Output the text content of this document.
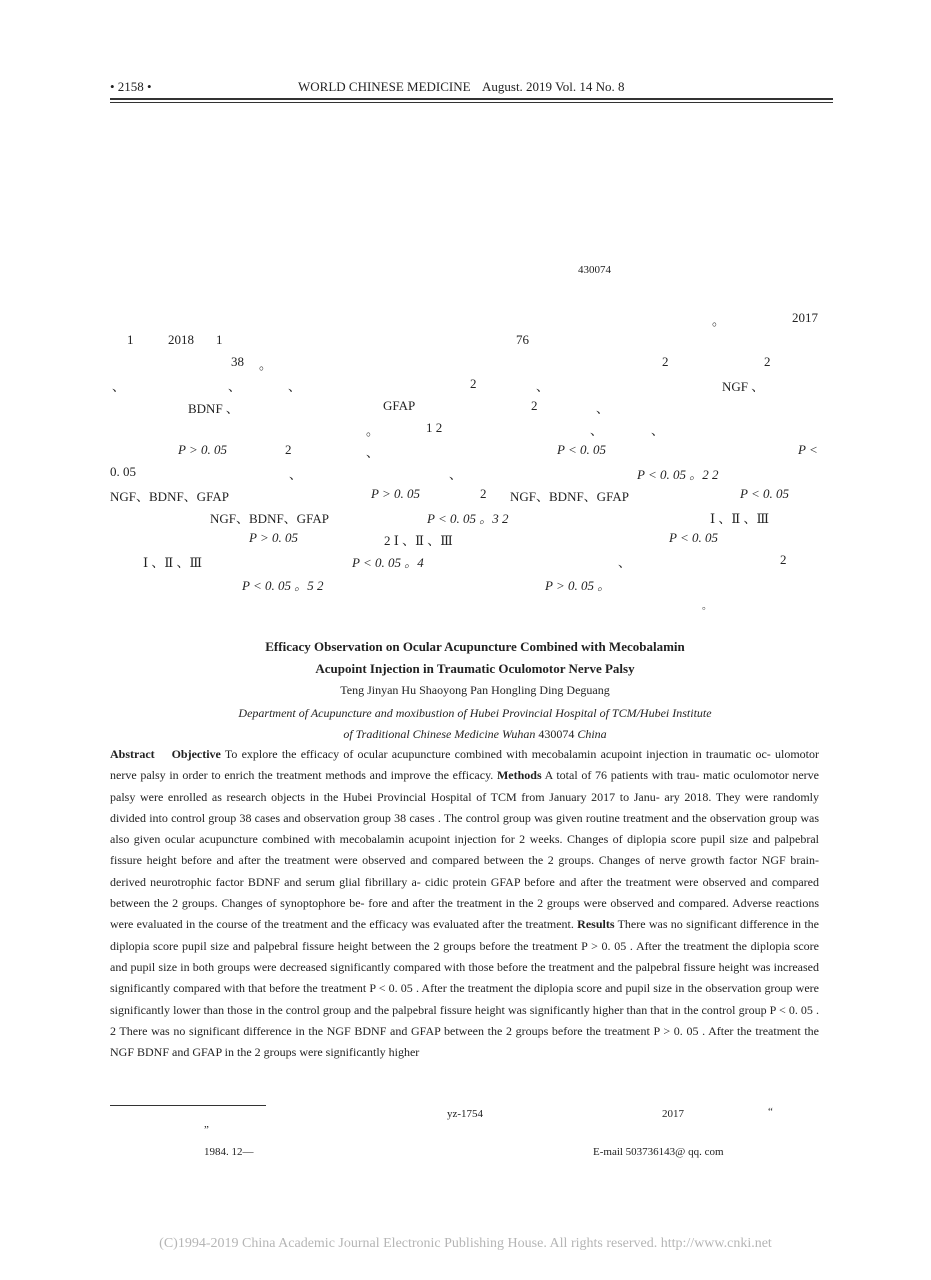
• 2158 •	WORLD CHINESE MEDICINE August. 2019 Vol. 14 No. 8
430074
。	2017
1	2018 1	76
38 。	2	2
、	、	、	2	、	NGF 、
BDNF 、	GFAP	2	、
。	1 2	、	、
P > 0. 05	2	、	P < 0. 05	P <
0. 05	、	、	P < 0. 05 。2 2
NGF、BDNF、GFAP	P > 0. 05	2 NGF、BDNF、GFAP	P < 0. 05
NGF、BDNF、GFAP	P < 0. 05 。3 2	Ⅰ 、Ⅱ 、Ⅲ
P > 0. 05	2 Ⅰ 、Ⅱ 、Ⅲ	P < 0. 05
Ⅰ 、Ⅱ 、Ⅲ	P < 0. 05 。4	、	2
P < 0. 05 。5 2	P > 0. 05 。
。
Efficacy Observation on Ocular Acupuncture Combined with Mecobalamin
Acupoint Injection in Traumatic Oculomotor Nerve Palsy
Teng Jinyan Hu Shaoyong Pan Hongling Ding Deguang
Department of Acupuncture and moxibustion of Hubei Provincial Hospital of TCM/Hubei Institute
of Traditional Chinese Medicine Wuhan 430074 China
Abstract Objective To explore the efficacy of ocular acupuncture combined with mecobalamin acupoint injection in traumatic oc- ulomotor nerve palsy in order to enrich the treatment methods and improve the efficacy. Methods A total of 76 patients with trau- matic oculomotor nerve palsy were enrolled as research objects in the Hubei Provincial Hospital of TCM from January 2017 to Janu- ary 2018. They were randomly divided into control group 38 cases and observation group 38 cases . The control group was given routine treatment and the observation group was also given ocular acupuncture combined with mecobalamin acupoint injection for 2 weeks. Changes of diplopia score pupil size and palpebral fissure height before and after the treatment were observed and compared between the 2 groups. Changes of nerve growth factor NGF brain-derived neurotrophic factor BDNF and serum glial fibrillary a- cidic protein GFAP before and after the treatment were observed and compared between the 2 groups. Changes of synoptophore be- fore and after the treatment in the 2 groups were observed and compared. Adverse reactions were evaluated in the course of the treatment and the efficacy was evaluated after the treatment. Results There was no significant difference in the diplopia score pupil size and palpebral fissure height between the 2 groups before the treatment P > 0. 05 . After the treatment the diplopia score and pupil size in both groups were decreased significantly compared with those before the treatment and the palpebral fissure height was increased significantly compared with that before the treatment P < 0. 05 . After the treatment the diplopia score and pupil size in the observation group were significantly lower than those in the control group and the palpebral fissure height was significantly higher than that in the control group P < 0. 05 . 2 There was no significant difference in the NGF BDNF and GFAP between the 2 groups before the treatment P > 0. 05 . After the treatment the NGF BDNF and GFAP in the 2 groups were significantly higher
yz-1754	2017	“
”
1984. 12—	E-mail 503736143@ qq. com
(C)1994-2019 China Academic Journal Electronic Publishing House. All rights reserved. http://www.cnki.net
